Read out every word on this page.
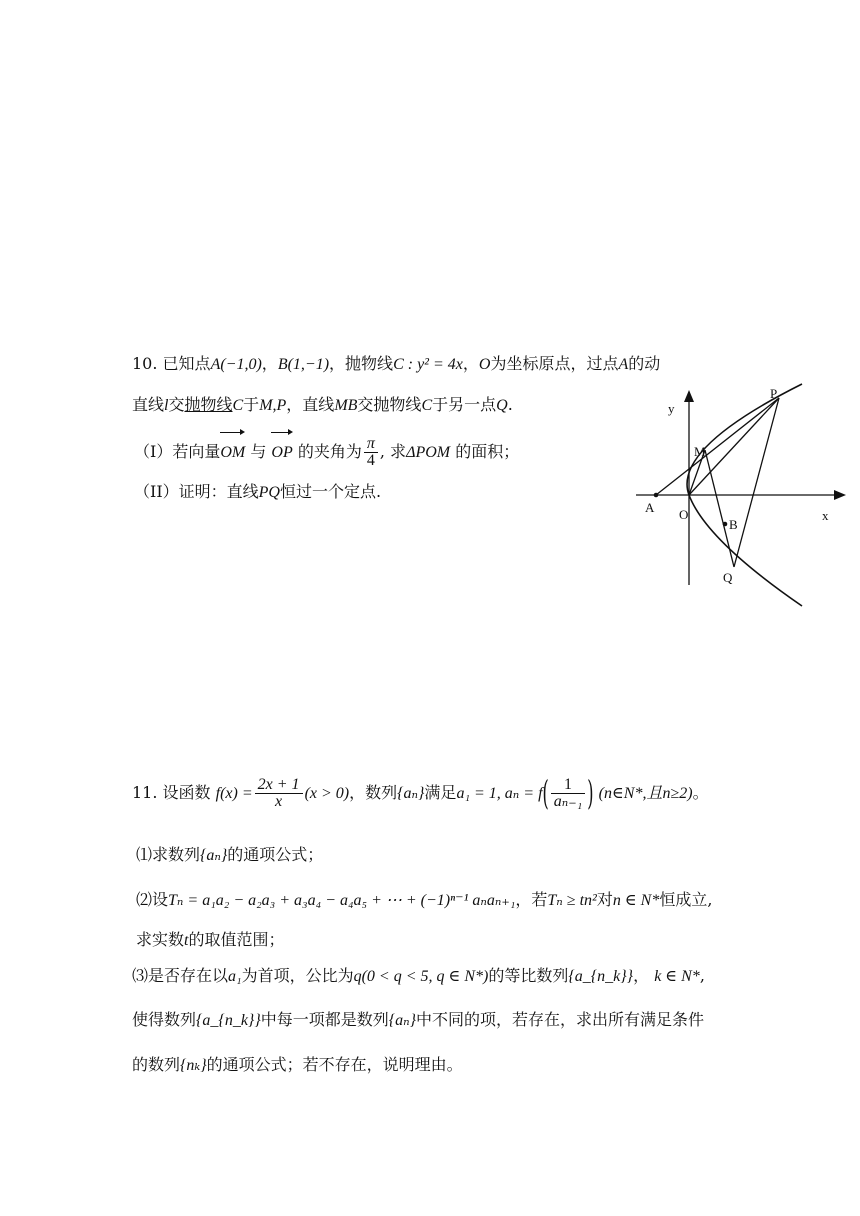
10. 已知点A(−1,0)，B(1,−1)，抛物线C : y² = 4x，O为坐标原点，过点A的动
直线l交抛物线C于M,P，直线MB交抛物线C于另一点Q.
（I）若向量OM 与 OP 的夹角为 $\frac{\pi}{4}$ , 求ΔPOM 的面积；
（II）证明：直线PQ恒过一个定点.
y
x
A O
B
M
P
Q
11. 设函数 $f(x) = \frac{2x + 1}{x} (x > 0)$，数列{aₙ}满足a₁ = 1, $a_n = f( \frac{1}{\text{aₙ₋₁}}$ ) (n∈N*,且n≥2)。
⑴求数列{aₙ}的通项公式；
⑵设Tₙ = a₁a₂ − a₂a₃ + a₃a₄ − a₄a₅ + ⋯ + (−1)ⁿ⁻¹ aₙaₙ₊₁，若Tₙ ≥ tn²对n ∈ N*恒成立,
求实数t的取值范围；
⑶是否存在以a₁为首项，公比为q(0 < q < 5, q ∈ N*)的等比数列{a_{n_k}}， k ∈ N*,
使得数列{a_{n_k}}中每一项都是数列{aₙ}中不同的项，若存在，求出所有满足条件
的数列{nₖ}的通项公式；若不存在，说明理由。
